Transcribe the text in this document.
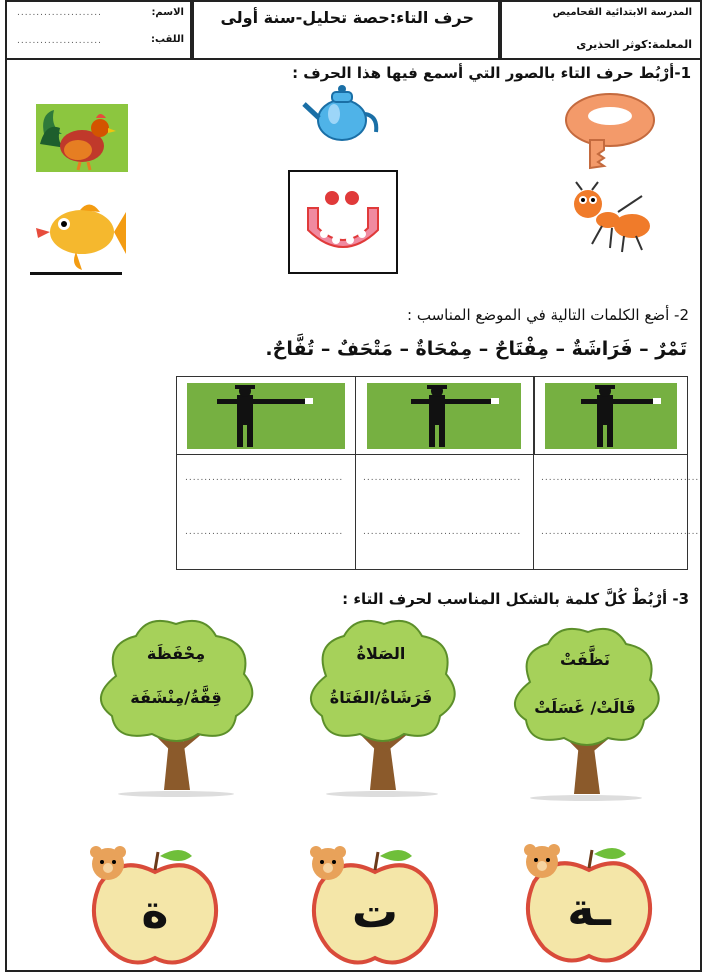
الاسم:
......................
اللقب:
......................
حرف التاء:حصة تحليل-سنة أولى	المدرسة الابتدائية القحاميص
المعلمة:كوثر الحذيرى
1-أرْبُط حرف التاء بالصور التي أسمع فيها هذا الحرف :
2- أضع الكلمات التالية في الموضع المناسب :
تَمْرٌ – فَرَاشَةٌ – مِفْتَاحٌ – مِمْحَاةٌ – مَتْحَفٌ – تُفَّاحٌ.
.........................................
.........................................
.........................................
.........................................
.........................................
.........................................
3- أرْبُطْ كُلَّ كلمة بالشكل المناسب لحرف التاء :
نَظَّفَتْ
قَالَتْ/ غَسَلَتْ
الصَلاةُ
فَرَشَاةُ/الفَتَاةُ
مِحْفَظَة
قِفَّةُ/مِنْشَفَة
ـة
ت
ة
